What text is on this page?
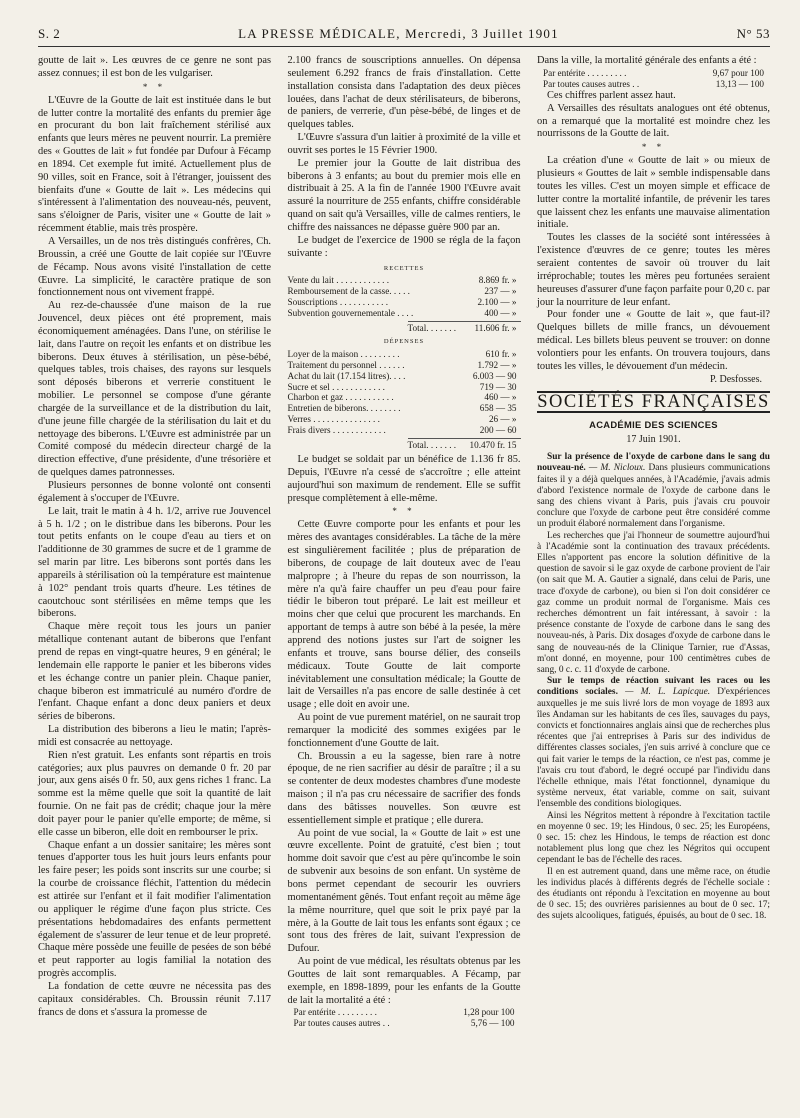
S. 2	LA PRESSE MÉDICALE, Mercredi, 3 Juillet 1901	N° 53

goutte de lait ». Les œuvres de ce genre ne sont pas assez connues; il est bon de les vulgariser.

* *

L'Œuvre de la Goutte de lait est instituée dans le but de lutter contre la mortalité des enfants du premier âge en procurant du bon lait fraîchement stérilisé aux enfants que leurs mères ne peuvent nourrir. La première des « Gouttes de lait » fut fondée par Dufour à Fécamp en 1894. Cet exemple fut imité. Actuellement plus de 90 villes, soit en France, soit à l'étranger, jouissent des bienfaits d'une « Goutte de lait ». Les médecins qui s'intéressent à l'alimentation des nouveau-nés, peuvent, sans s'éloigner de Paris, visiter une « Goutte de lait » récemment établie, mais très prospère.

A Versailles, un de nos très distingués confrères, Ch. Broussin, a créé une Goutte de lait copiée sur l'Œuvre de Fécamp. Nous avons visité l'installation de cette Œuvre. La simplicité, le caractère pratique de son fonctionnement nous ont vivement frappé.

Au rez-de-chaussée d'une maison de la rue Jouvencel, deux pièces ont été proprement, mais économiquement aménagées. Dans l'une, on stérilise le lait, dans l'autre on reçoit les enfants et on distribue les biberons. Deux étuves à stérilisation, un pèse-bébé, quelques tables, trois chaises, des rayons sur lesquels sont déposés biberons et verrerie constituent le mobilier. Le personnel se compose d'une gérante chargée de la surveillance et de la distribution du lait, d'une jeune fille chargée de la stérilisation du lait et du nettoyage des biberons. L'Œuvre est administrée par un Comité composé du médecin directeur chargé de la direction effective, d'une présidente, d'une trésorière et de quelques dames patronnesses.

Plusieurs personnes de bonne volonté ont consenti également à s'occuper de l'Œuvre.

Le lait, trait le matin à 4 h. 1/2, arrive rue Jouvencel à 5 h. 1/2 ; on le distribue dans les biberons. Pour les tout petits enfants on le coupe d'eau au tiers et on l'additionne de 30 grammes de sucre et de 1 gramme de sel marin par litre. Les biberons sont portés dans les appareils à stérilisation où la température est maintenue à 102° pendant trois quarts d'heure. Les tétines de caoutchouc sont stérilisées en même temps que les biberons.

Chaque mère reçoit tous les jours un panier métallique contenant autant de biberons que l'enfant prend de repas en vingt-quatre heures, 9 en général; le lendemain elle rapporte le panier et les biberons vides et les échange contre un panier plein. Chaque panier, chaque biberon est immatriculé au numéro d'ordre de l'enfant. Chaque enfant a donc deux paniers et deux séries de biberons.

La distribution des biberons a lieu le matin; l'après-midi est consacrée au nettoyage.

Rien n'est gratuit. Les enfants sont répartis en trois catégories; aux plus pauvres on demande 0 fr. 20 par jour, aux gens aisés 0 fr. 50, aux gens riches 1 franc. La somme est la même quelle que soit la quantité de lait fournie. On ne fait pas de crédit; chaque jour la mère doit payer pour le panier qu'elle emporte; de même, si elle casse un biberon, elle doit en rembourser le prix.

Chaque enfant a un dossier sanitaire; les mères sont tenues d'apporter tous les huit jours leurs enfants pour les faire peser; les poids sont inscrits sur une courbe; si la courbe de croissance fléchit, l'attention du médecin est attirée sur l'enfant et il fait modifier l'alimentation ou appliquer le régime d'une façon plus stricte. Ces présentations hebdomadaires des enfants permettent également de s'assurer de leur tenue et de leur propreté. Chaque mère possède une feuille de pesées de son bébé et peut rapporter au logis familial la notation des progrès accomplis.

La fondation de cette œuvre ne nécessita pas des capitaux considérables. Ch. Broussin réunit 7.117 francs de dons et s'assura la promesse de

2.100 francs de souscriptions annuelles. On dépensa seulement 6.292 francs de frais d'installation. Cette installation consista dans l'adaptation des deux pièces louées, dans l'achat de deux stérilisateurs, de biberons, de paniers, de verrerie, d'un pèse-bébé, de linges et de quelques tables.

L'Œuvre s'assura d'un laitier à proximité de la ville et ouvrit ses portes le 15 Février 1900.

Le premier jour la Goutte de lait distribua des biberons à 3 enfants; au bout du premier mois elle en distribuait à 25. A la fin de l'année 1900 l'Œuvre avait assuré la nourriture de 255 enfants, chiffre considérable quand on sait qu'à Versailles, ville de calmes rentiers, le chiffre des naissances ne dépasse guère 900 par an.

Le budget de l'exercice de 1900 se régla de la façon suivante :

RECETTES
Vente du lait . . . . . . . . . . . .	8.869 fr. »
Remboursement de la casse. . . . .	237 — »
Souscriptions . . . . . . . . . . .	2.100 — »
Subvention gouvernementale . . . .	400 — »
Total. . . . . . . 11.606 fr. »
DÉPENSES
Loyer de la maison . . . . . . . . .	610 fr. »
Traitement du personnel . . . . . .	1.792 — »
Achat du lait (17.154 litres). . . .	6.003 — 90
Sucre et sel . . . . . . . . . . . .	719 — 30
Charbon et gaz . . . . . . . . . . .	460 — »
Entretien de biberons. . . . . . . .	658 — 35
Verres . . . . . . . . . . . . . . .	26 — »
Frais divers . . . . . . . . . . . .	200 — 60
Total. . . . . . . 10.470 fr. 15

Le budget se soldait par un bénéfice de 1.136 fr 85. Depuis, l'Œuvre n'a cessé de s'accroître ; elle atteint aujourd'hui son maximum de rendement. Elle se suffit presque complètement à elle-même.

* *

Cette Œuvre comporte pour les enfants et pour les mères des avantages considérables. La tâche de la mère est singulièrement facilitée ; plus de préparation de biberons, de coupage de lait douteux avec de l'eau malpropre ; à l'heure du repas de son nourrisson, la mère n'a qu'à faire chauffer un peu d'eau pour faire tiédir le biberon tout préparé. Le lait est meilleur et moins cher que celui que procurent les marchands. En apportant de temps à autre son bébé à la pesée, la mère apprend des notions justes sur l'art de soigner les enfants et trouve, sans bourse délier, des conseils médicaux. Toute Goutte de lait comporte inévitablement une consultation médicale; la Goutte de lait de Versailles n'a pas encore de salle destinée à cet usage ; elle doit en avoir une.

Au point de vue purement matériel, on ne saurait trop remarquer la modicité des sommes exigées par le fonctionnement d'une Goutte de lait.

Ch. Broussin a eu la sagesse, bien rare à notre époque, de ne rien sacrifier au désir de paraître ; il a su se contenter de deux modestes chambres d'une modeste maison ; il n'a pas cru nécessaire de sacrifier des fonds dans des bâtisses nouvelles. Son œuvre est essentiellement simple et pratique ; elle durera.

Au point de vue social, la « Goutte de lait » est une œuvre excellente. Point de gratuité, c'est bien ; tout homme doit savoir que c'est au père qu'incombe le soin de subvenir aux besoins de son enfant. Un système de bons permet cependant de secourir les ouvriers momentanément gênés. Tout enfant reçoit au même âge la même nourriture, quel que soit le prix payé par la mère, à la Goutte de lait tous les enfants sont égaux ; ce sont tous des frères de lait, suivant l'expression de Dufour.

Au point de vue médical, les résultats obtenus par les Gouttes de lait sont remarquables. A Fécamp, par exemple, en 1898-1899, pour les enfants de la Goutte de lait la mortalité a été :

Par entérite . . . . . . . . .	1,28 pour 100
Par toutes causes autres . .	5,76 — 100

Dans la ville, la mortalité générale des enfants a été :

Par entérite . . . . . . . . .	9,67 pour 100
Par toutes causes autres . .	13,13 — 100

Ces chiffres parlent assez haut.

A Versailles des résultats analogues ont été obtenus, on a remarqué que la mortalité est moindre chez les nourrissons de la Goutte de lait.

* *

La création d'une « Goutte de lait » ou mieux de plusieurs « Gouttes de lait » semble indispensable dans toutes les villes. C'est un moyen simple et efficace de lutter contre la mortalité infantile, de prévenir les tares que laissent chez les enfants une mauvaise alimentation initiale.

Toutes les classes de la société sont intéressées à l'existence d'œuvres de ce genre; toutes les mères seraient contentes de savoir où trouver du lait irréprochable; toutes les mères peu fortunées seraient heureuses d'assurer d'une façon parfaite pour 0,20 c. par jour la nourriture de leur enfant.

Pour fonder une « Goutte de lait », que faut-il? Quelques billets de mille francs, un dévouement médical. Les billets bleus peuvent se trouver: on donne volontiers pour les enfants. On trouvera toujours, dans toutes les villes, le dévouement d'un médecin.

P. Desfosses.
SOCIÉTÉS FRANÇAISES
ACADÉMIE DES SCIENCES
17 Juin 1901.

Sur la présence de l'oxyde de carbone dans le sang du nouveau-né. — M. Nicloux. Dans plusieurs communications faites il y a déjà quelques années, à l'Académie, j'avais admis d'abord l'existence normale de l'oxyde de carbone dans le sang des chiens vivant à Paris, puis j'avais cru pouvoir conclure que l'oxyde de carbone peut être considéré comme un produit élaboré normalement dans l'organisme.

Les recherches que j'ai l'honneur de soumettre aujourd'hui à l'Académie sont la continuation des travaux précédents. Elles n'apportent pas encore la solution définitive de la question de savoir si le gaz oxyde de carbone provient de l'air (on sait que M. A. Gautier a signalé, dans celui de Paris, une trace d'oxyde de carbone), ou bien si l'on doit considérer ce gaz comme un produit normal de l'organisme. Mais ces recherches démontrent un fait intéressant, à savoir : la présence constante de l'oxyde de carbone dans le sang des nouveau-nés, à Paris. Dix dosages d'oxyde de carbone dans le sang de nouveau-nés de la Clinique Tarnier, rue d'Assas, m'ont donné, en moyenne, pour 100 centimètres cubes de sang, 0 c. c. 11 d'oxyde de carbone.

Sur le temps de réaction suivant les races ou les conditions sociales. — M. L. Lapicque. D'expériences auxquelles je me suis livré lors de mon voyage de 1893 aux îles Andaman sur les habitants de ces îles, sauvages du pays, convicts et fonctionnaires anglais ainsi que de recherches plus récentes que j'ai entreprises à Paris sur des individus de différentes classes sociales, j'en suis arrivé à conclure que ce qui fait varier le temps de la réaction, ce n'est pas, comme je l'avais cru tout d'abord, le degré occupé par l'individu dans l'échelle ethnique, mais l'état fonctionnel, dynamique du système nerveux, état variable, comme on sait, suivant l'ensemble des conditions biologiques.

Ainsi les Négritos mettent à répondre à l'excitation tactile en moyenne 0 sec. 19; les Hindous, 0 sec. 25; les Européens, 0 sec. 15: chez les Hindous, le temps de réaction est donc notablement plus long que chez les Négritos qui occupent cependant le bas de l'échelle des races.

Il en est autrement quand, dans une même race, on étudie les individus placés à différents degrés de l'échelle sociale : des étudiants ont répondu à l'excitation en moyenne au bout de 0 sec. 15; des ouvrières parisiennes au bout de 0 sec. 17; des sujets alcooliques, fatigués, épuisés, au bout de 0 sec. 18.
